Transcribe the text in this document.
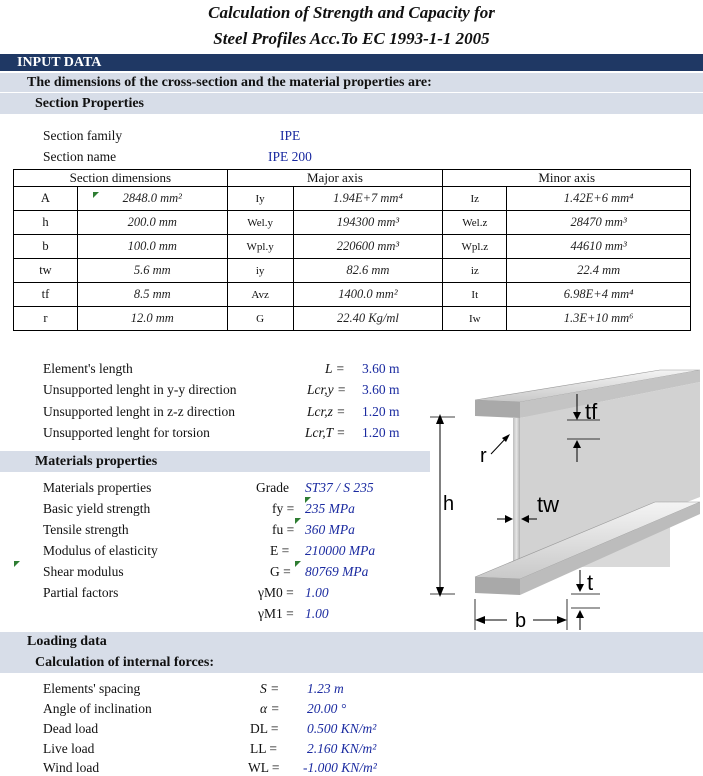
Calculation of Strength and Capacity for
Steel Profiles Acc.To EC 1993-1-1 2005
INPUT DATA
The dimensions of the cross-section and the material properties are:
Section Properties
Section family	IPE
Section name	IPE 200
Section dimensions		Major axis		Minor axis	
A	2848.0 mm²	Iy	1.94E+7 mm⁴	Iz	1.42E+6 mm⁴
h	200.0 mm	Wel.y	194300 mm³	Wel.z	28470 mm³
b	100.0 mm	Wpl.y	220600 mm³	Wpl.z	44610 mm³
tw	5.6 mm	iy	82.6 mm	iz	22.4 mm
tf	8.5 mm	Avz	1400.0 mm²	It	6.98E+4 mm⁴
r	12.0 mm	G	22.40 Kg/ml	Iw	1.3E+10 mm⁶
Element's length	L = 3.60 m
Unsupported lenght in y-y direction	Lcr,y = 3.60 m
Unsupported lenght in z-z direction	Lcr,z = 1.20 m
Unsupported lenght for torsion	Lcr,T = 1.20 m
Materials properties
Materials properties	Grade ST37 / S 235
Basic yield strength	fy = 235 MPa
Tensile strength	fu = 360 MPa
Modulus of elasticity	E = 210000 MPa
Shear modulus	G = 80769 MPa
Partial factors	γM0 = 1.00
γM1 = 1.00
h
b
r
tf
tw
t
Loading data
Calculation of internal forces:
Elements' spacing	S = 1.23 m
Angle of inclination	α = 20.00 °
Dead load	DL = 0.500 KN/m²
Live load	LL = 2.160 KN/m²
Wind load	WL = -1.000 KN/m²
